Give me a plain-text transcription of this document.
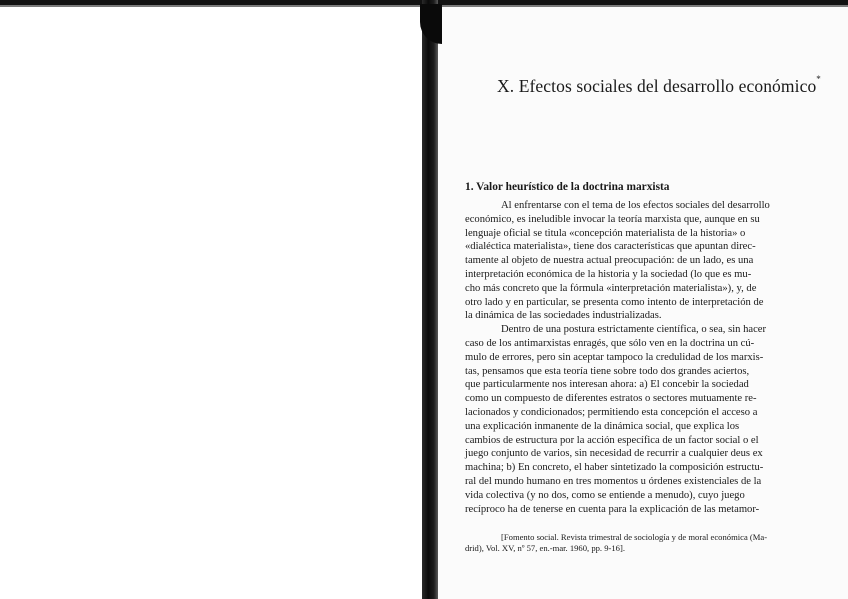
X. Efectos sociales del desarrollo económico*
1. Valor heurístico de la doctrina marxista
Al enfrentarse con el tema de los efectos sociales del desarrollo
económico, es ineludible invocar la teoría marxista que, aunque en su
lenguaje oficial se titula «concepción materialista de la historia» o
«dialéctica materialista», tiene dos características que apuntan direc-
tamente al objeto de nuestra actual preocupación: de un lado, es una
interpretación económica de la historia y la sociedad (lo que es mu-
cho más concreto que la fórmula «interpretación materialista»), y, de
otro lado y en particular, se presenta como intento de interpretación de
la dinámica de las sociedades industrializadas.
Dentro de una postura estrictamente científica, o sea, sin hacer
caso de los antimarxistas enragés, que sólo ven en la doctrina un cú-
mulo de errores, pero sin aceptar tampoco la credulidad de los marxis-
tas, pensamos que esta teoría tiene sobre todo dos grandes aciertos,
que particularmente nos interesan ahora: a) El concebir la sociedad
como un compuesto de diferentes estratos o sectores mutuamente re-
lacionados y condicionados; permitiendo esta concepción el acceso a
una explicación inmanente de la dinámica social, que explica los
cambios de estructura por la acción específica de un factor social o el
juego conjunto de varios, sin necesidad de recurrir a cualquier deus ex
machina; b) En concreto, el haber sintetizado la composición estructu-
ral del mundo humano en tres momentos u órdenes existenciales de la
vida colectiva (y no dos, como se entiende a menudo), cuyo juego
recíproco ha de tenerse en cuenta para la explicación de las metamor-
[Fomento social. Revista trimestral de sociología y de moral económica (Ma-
drid), Vol. XV, nº 57, en.-mar. 1960, pp. 9-16].
